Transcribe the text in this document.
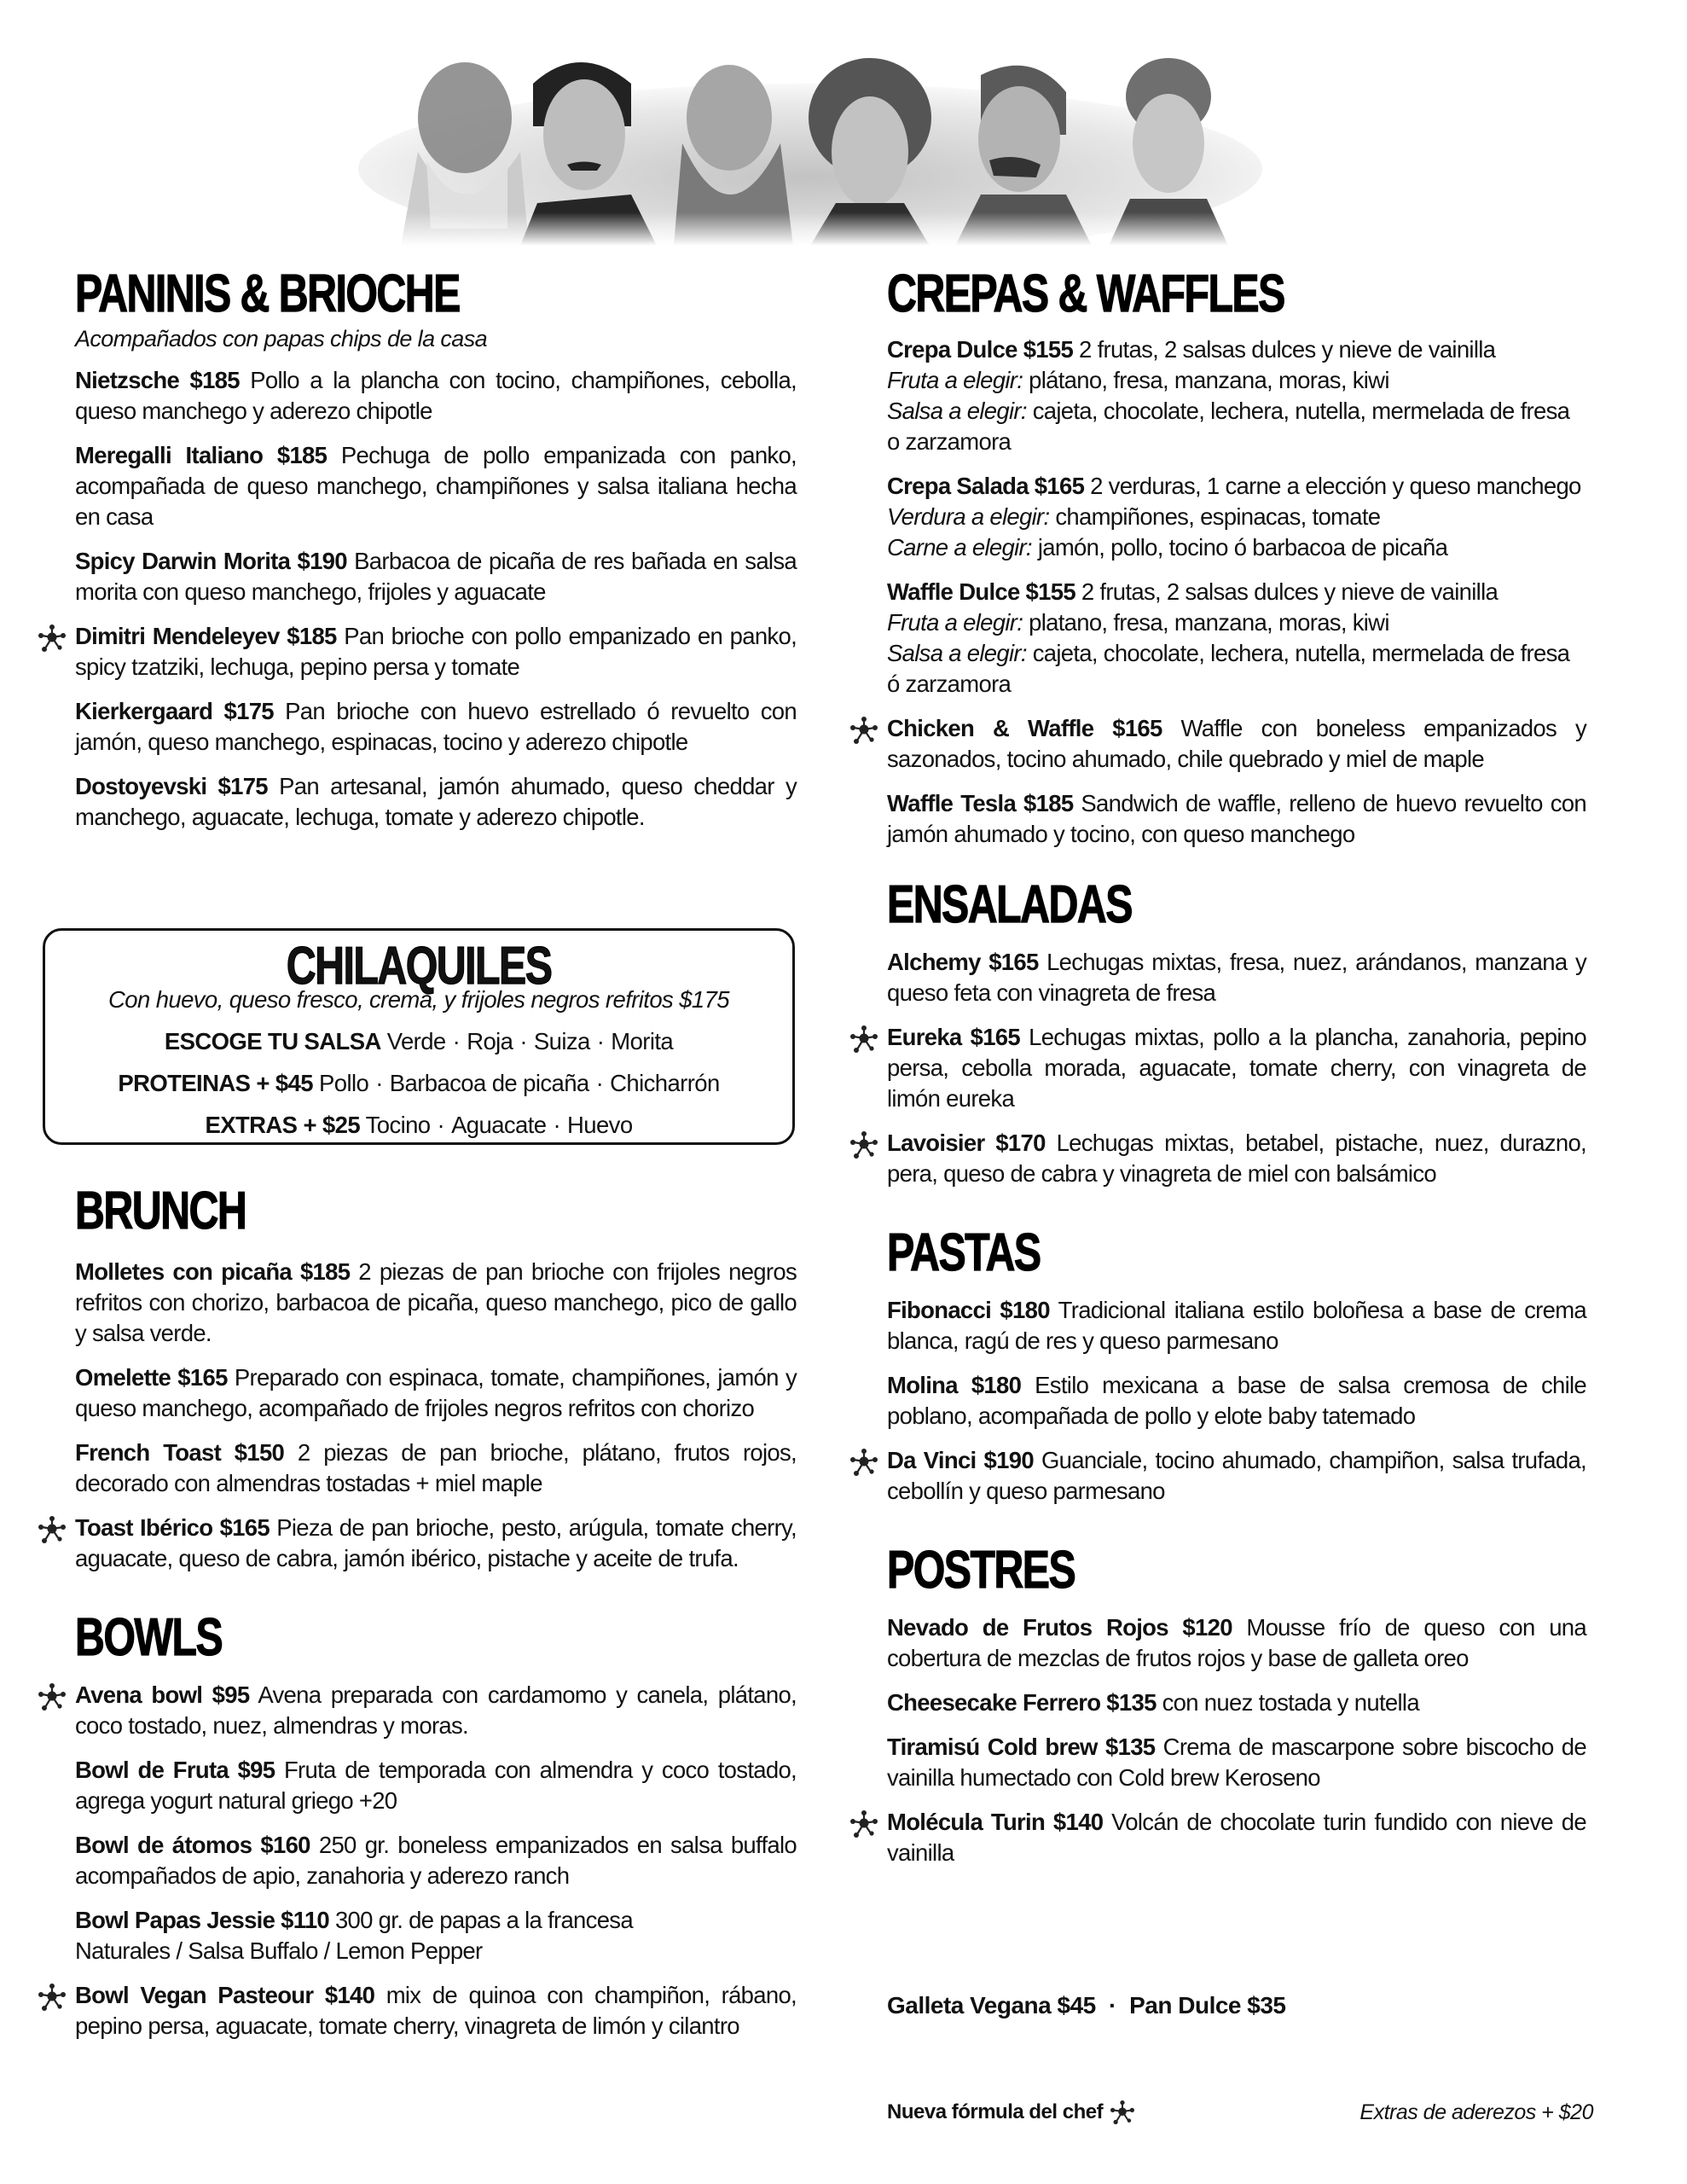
PANINIS & BRIOCHE

Acompañados con papas chips de la casa

Nietzsche $185 Pollo a la plancha con tocino, champiñones, cebolla, queso manchego y aderezo chipotle

Meregalli Italiano $185 Pechuga de pollo empanizada con panko, acompañada de queso manchego, champiñones y salsa italiana hecha en casa

Spicy Darwin Morita $190 Barbacoa de picaña de res bañada en salsa morita con queso manchego, frijoles y aguacate

Dimitri Mendeleyev $185 Pan brioche con pollo empanizado en panko, spicy tzatziki, lechuga, pepino persa y tomate

Kierkergaard $175 Pan brioche con huevo estrellado ó revuelto con jamón, queso manchego, espinacas, tocino y aderezo chipotle

Dostoyevski $175 Pan artesanal, jamón ahumado, queso cheddar y manchego, aguacate, lechuga, tomate y aderezo chipotle.

CHILAQUILES
Con huevo, queso fresco, crema, y frijoles negros refritos $175
ESCOGE TU SALSA Verde · Roja · Suiza · Morita
PROTEINAS + $45 Pollo · Barbacoa de picaña · Chicharrón
EXTRAS + $25 Tocino · Aguacate · Huevo
BRUNCH

Molletes con picaña $185 2 piezas de pan brioche con frijoles negros refritos con chorizo, barbacoa de picaña, queso manchego, pico de gallo y salsa verde.

Omelette $165 Preparado con espinaca, tomate, champiñones, jamón y queso manchego, acompañado de frijoles negros refritos con chorizo

French Toast $150 2 piezas de pan brioche, plátano, frutos rojos, decorado con almendras tostadas + miel maple

Toast Ibérico $165 Pieza de pan brioche, pesto, arúgula, tomate cherry, aguacate, queso de cabra, jamón ibérico, pistache y aceite de trufa.

BOWLS

Avena bowl $95 Avena preparada con cardamomo y canela, plátano, coco tostado, nuez, almendras y moras.

Bowl de Fruta $95 Fruta de temporada con almendra y coco tostado, agrega yogurt natural griego +20

Bowl de átomos $160 250 gr. boneless empanizados en salsa buffalo acompañados de apio, zanahoria y aderezo ranch

Bowl Papas Jessie $110 300 gr. de papas a la francesa
Naturales / Salsa Buffalo / Lemon Pepper

Bowl Vegan Pasteour $140 mix de quinoa con champiñon, rábano, pepino persa, aguacate, tomate cherry, vinagreta de limón y cilantro

CREPAS & WAFFLES

Crepa Dulce $155 2 frutas, 2 salsas dulces y nieve de vainilla
Fruta a elegir: plátano, fresa, manzana, moras, kiwi
Salsa a elegir: cajeta, chocolate, lechera, nutella, mermelada de fresa o zarzamora

Crepa Salada $165 2 verduras, 1 carne a elección y queso manchego
Verdura a elegir: champiñones, espinacas, tomate
Carne a elegir: jamón, pollo, tocino ó barbacoa de picaña

Waffle Dulce $155 2 frutas, 2 salsas dulces y nieve de vainilla
Fruta a elegir: platano, fresa, manzana, moras, kiwi
Salsa a elegir: cajeta, chocolate, lechera, nutella, mermelada de fresa ó zarzamora

Chicken & Waffle $165 Waffle con boneless empanizados y sazonados, tocino ahumado, chile quebrado y miel de maple

Waffle Tesla $185 Sandwich de waffle, relleno de huevo revuelto con jamón ahumado y tocino, con queso manchego

ENSALADAS

Alchemy $165 Lechugas mixtas, fresa, nuez, arándanos, manzana y queso feta con vinagreta de fresa

Eureka $165 Lechugas mixtas, pollo a la plancha, zanahoria, pepino persa, cebolla morada, aguacate, tomate cherry, con vinagreta de limón eureka

Lavoisier $170 Lechugas mixtas, betabel, pistache, nuez, durazno, pera, queso de cabra y vinagreta de miel con balsámico

PASTAS

Fibonacci $180 Tradicional italiana estilo boloñesa a base de crema blanca, ragú de res y queso parmesano

Molina $180 Estilo mexicana a base de salsa cremosa de chile poblano, acompañada de pollo y elote baby tatemado

Da Vinci $190 Guanciale, tocino ahumado, champiñon, salsa trufada, cebollín y queso parmesano

POSTRES

Nevado de Frutos Rojos $120 Mousse frío de queso con una cobertura de mezclas de frutos rojos y base de galleta oreo

Cheesecake Ferrero $135 con nuez tostada y nutella

Tiramisú Cold brew $135 Crema de mascarpone sobre biscocho de vainilla humectado con Cold brew Keroseno

Molécula Turin $140 Volcán de chocolate turin fundido con nieve de vainilla

Galleta Vegana $45 · Pan Dulce $35
Nueva fórmula del chef	Extras de aderezos + $20
